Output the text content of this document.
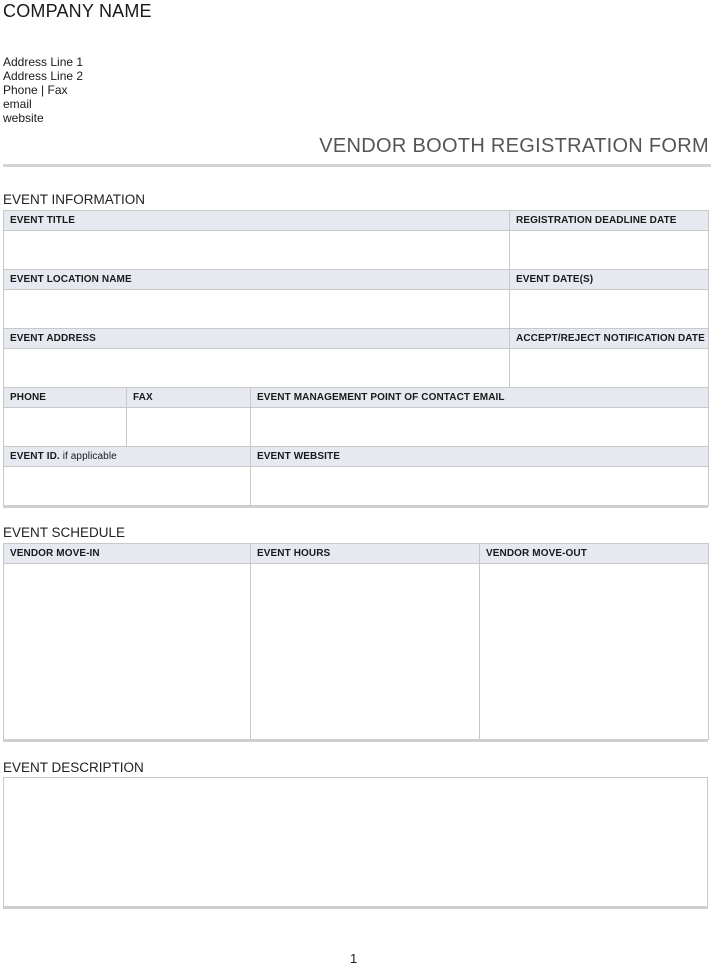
COMPANY NAME
Address Line 1
Address Line 2
Phone | Fax
email
website
VENDOR BOOTH REGISTRATION FORM
EVENT INFORMATION
EVENT TITLE			REGISTRATION DEADLINE DATE

EVENT LOCATION NAME			EVENT DATE(S)

EVENT ADDRESS			ACCEPT/REJECT NOTIFICATION DATE

PHONE	FAX	EVENT MANAGEMENT POINT OF CONTACT EMAIL	

EVENT ID. if applicable		EVENT WEBSITE	

EVENT SCHEDULE
VENDOR MOVE-IN	EVENT HOURS	VENDOR MOVE-OUT

EVENT DESCRIPTION
1
